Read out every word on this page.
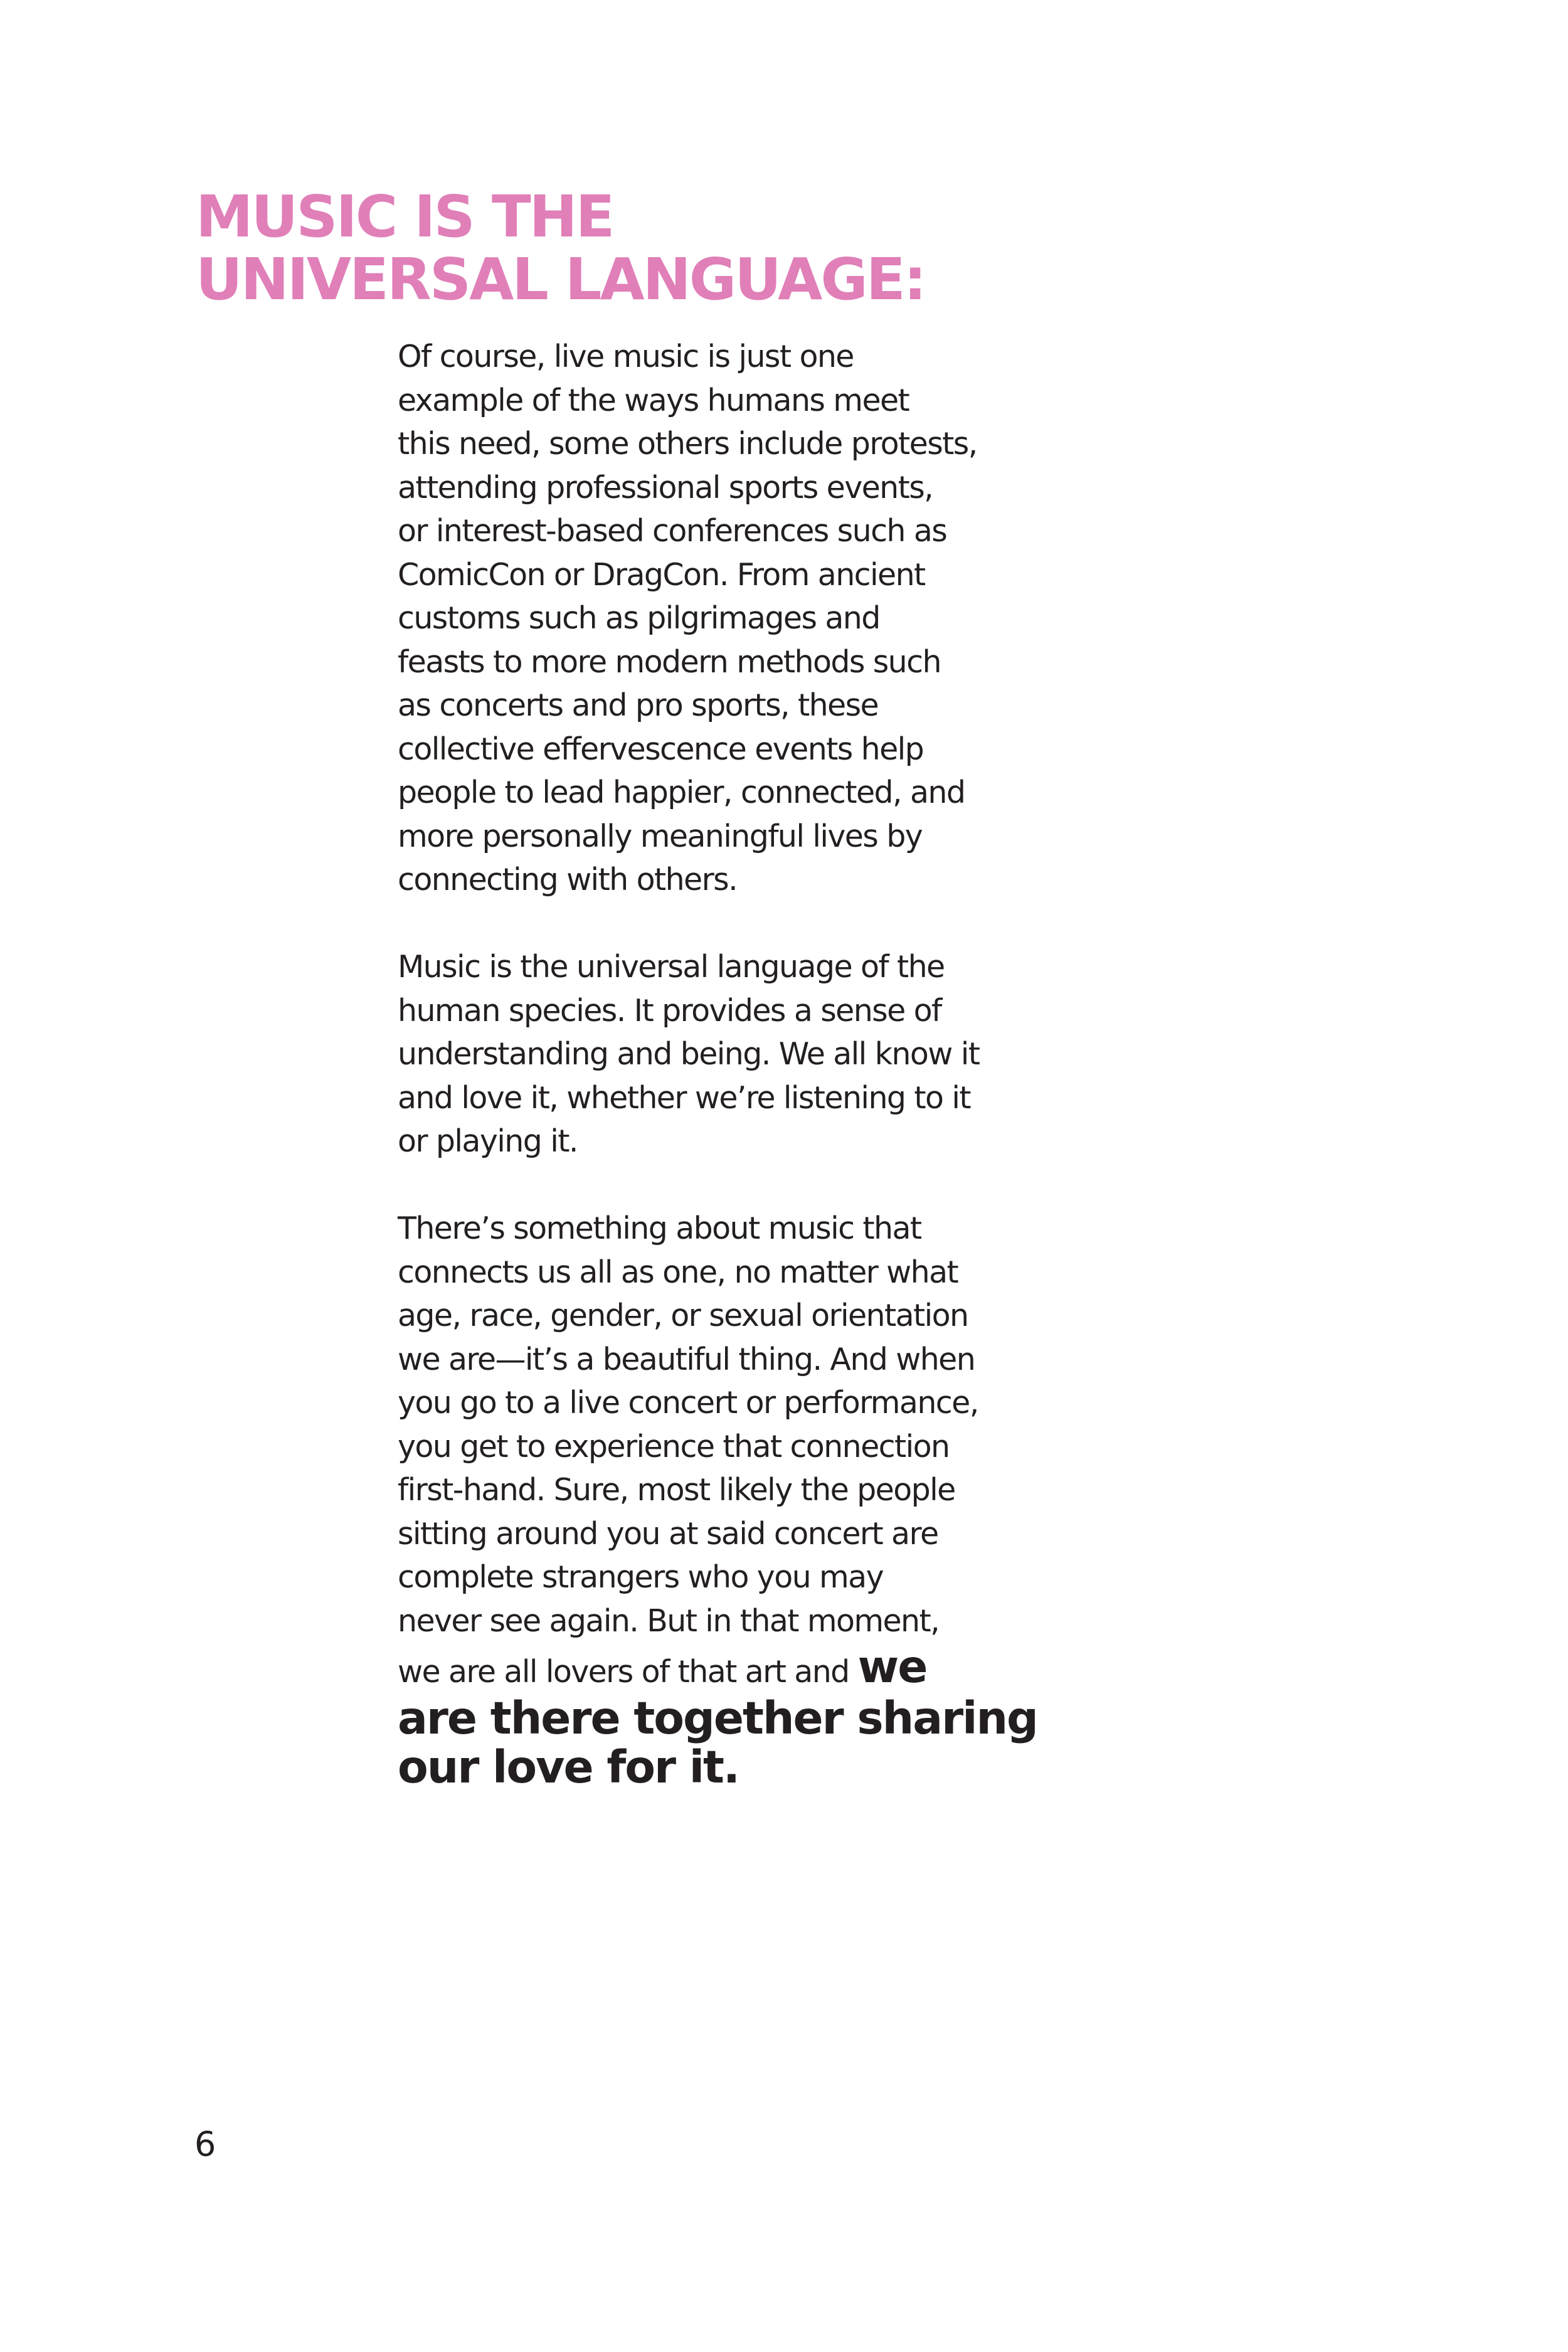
MUSIC IS THE
UNIVERSAL LANGUAGE:

Of course, live music is just one
example of the ways humans meet
this need, some others include protests,
attending professional sports events,
or interest-based conferences such as
ComicCon or DragCon. From ancient
customs such as pilgrimages and
feasts to more modern methods such
as concerts and pro sports, these
collective effervescence events help
people to lead happier, connected, and
more personally meaningful lives by
connecting with others.

Music is the universal language of the
human species. It provides a sense of
understanding and being. We all know it
and love it, whether we’re listening to it
or playing it.

There’s something about music that
connects us all as one, no matter what
age, race, gender, or sexual orientation
we are—it’s a beautiful thing. And when
you go to a live concert or performance,
you get to experience that connection
first-hand. Sure, most likely the people
sitting around you at said concert are
complete strangers who you may
never see again. But in that moment,
we are all lovers of that art and we
are there together sharing
our love for it.

6
